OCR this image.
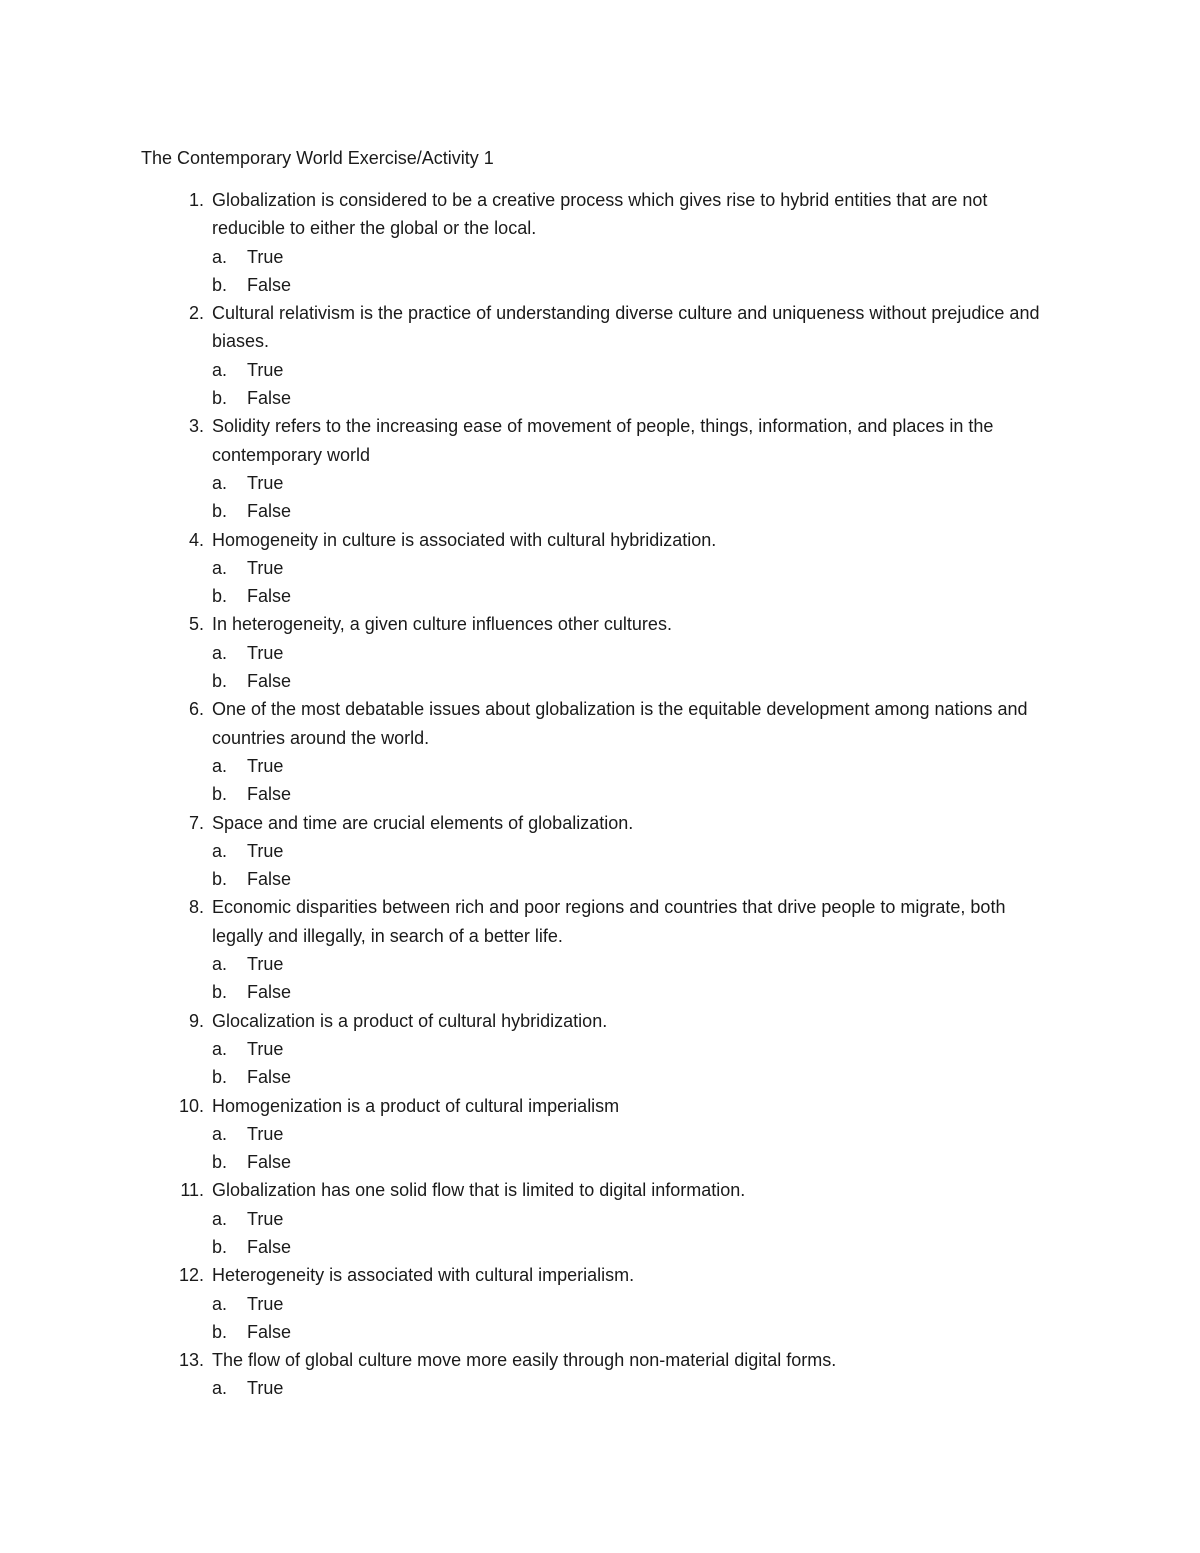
The Contemporary World Exercise/Activity 1
1. Globalization is considered to be a creative process which gives rise to hybrid entities that are not reducible to either the global or the local.
a. True
b. False
2. Cultural relativism is the practice of understanding diverse culture and uniqueness without prejudice and biases.
a. True
b. False
3. Solidity refers to the increasing ease of movement of people, things, information, and places in the contemporary world
a. True
b. False
4. Homogeneity in culture is associated with cultural hybridization.
a. True
b. False
5. In heterogeneity, a given culture influences other cultures.
a. True
b. False
6. One of the most debatable issues about globalization is the equitable development among nations and countries around the world.
a. True
b. False
7. Space and time are crucial elements of globalization.
a. True
b. False
8. Economic disparities between rich and poor regions and countries that drive people to migrate, both legally and illegally, in search of a better life.
a. True
b. False
9. Glocalization is a product of cultural hybridization.
a. True
b. False
10. Homogenization is a product of cultural imperialism
a. True
b. False
11. Globalization has one solid flow that is limited to digital information.
a. True
b. False
12. Heterogeneity is associated with cultural imperialism.
a. True
b. False
13. The flow of global culture move more easily through non-material digital forms.
a. True
